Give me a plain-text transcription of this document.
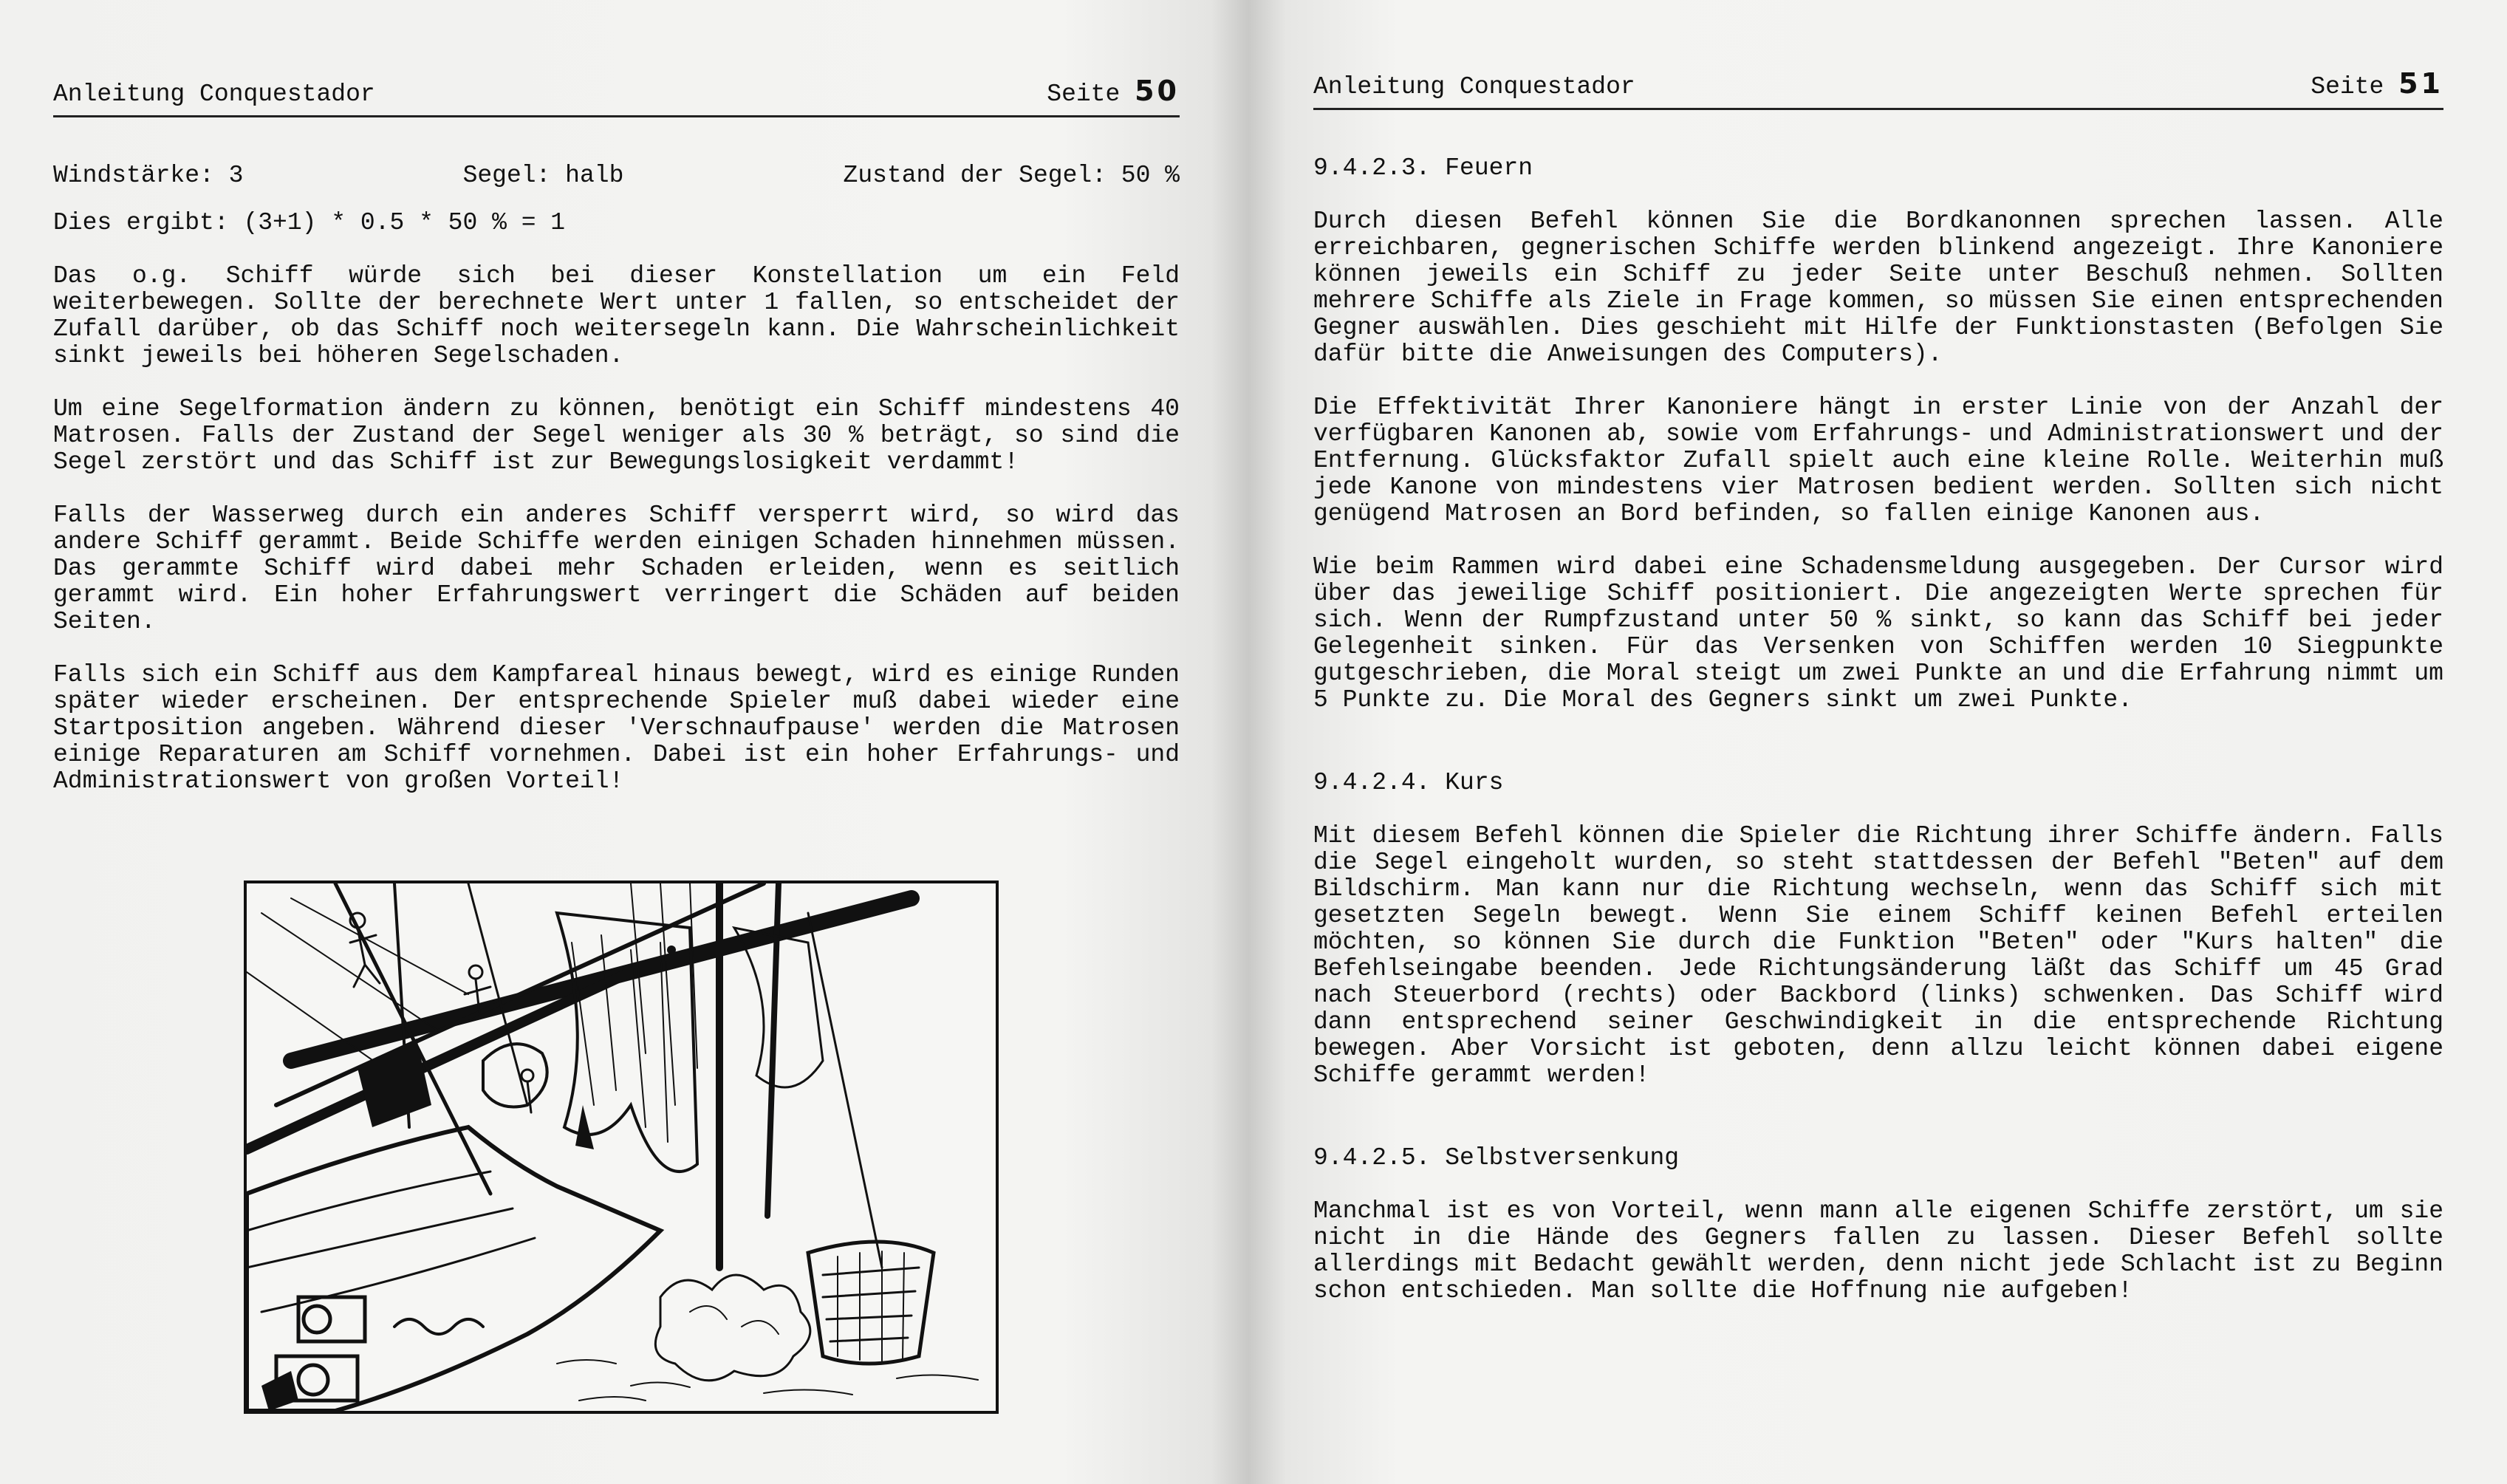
Anleitung Conquestador	Seite 50
Windstärke: 3	Segel: halb	Zustand der Segel: 50 %

Dies ergibt: (3+1) * 0.5 * 50 % = 1

Das o.g. Schiff würde sich bei dieser Konstellation um ein Feld weiterbewegen. Sollte der berechnete Wert unter 1 fallen, so entscheidet der Zufall darüber, ob das Schiff noch weitersegeln kann. Die Wahrscheinlichkeit sinkt jeweils bei höheren Segelschaden.

Um eine Segelformation ändern zu können, benötigt ein Schiff mindestens 40 Matrosen. Falls der Zustand der Segel weniger als 30 % beträgt, so sind die Segel zerstört und das Schiff ist zur Bewegungslosigkeit verdammt!

Falls der Wasserweg durch ein anderes Schiff versperrt wird, so wird das andere Schiff gerammt. Beide Schiffe werden einigen Schaden hinnehmen müssen. Das gerammte Schiff wird dabei mehr Schaden erleiden, wenn es seitlich gerammt wird. Ein hoher Erfahrungswert verringert die Schäden auf beiden Seiten.

Falls sich ein Schiff aus dem Kampfareal hinaus bewegt, wird es einige Runden später wieder erscheinen. Der entsprechende Spieler muß dabei wieder eine Startposition angeben. Während dieser 'Verschnaufpause' werden die Matrosen einige Reparaturen am Schiff vornehmen. Dabei ist ein hoher Erfahrungs- und Administrationswert von großen Vorteil!

Anleitung Conquestador	Seite 51

9.4.2.3. Feuern

Durch diesen Befehl können Sie die Bordkanonnen sprechen lassen. Alle erreichbaren, gegnerischen Schiffe werden blinkend angezeigt. Ihre Kanoniere können jeweils ein Schiff zu jeder Seite unter Beschuß nehmen. Sollten mehrere Schiffe als Ziele in Frage kommen, so müssen Sie einen entsprechenden Gegner auswählen. Dies geschieht mit Hilfe der Funktionstasten (Befolgen Sie dafür bitte die Anweisungen des Computers).

Die Effektivität Ihrer Kanoniere hängt in erster Linie von der Anzahl der verfügbaren Kanonen ab, sowie vom Erfahrungs- und Administrationswert und der Entfernung. Glücksfaktor Zufall spielt auch eine kleine Rolle. Weiterhin muß jede Kanone von mindestens vier Matrosen bedient werden. Sollten sich nicht genügend Matrosen an Bord befinden, so fallen einige Kanonen aus.

Wie beim Rammen wird dabei eine Schadensmeldung ausgegeben. Der Cursor wird über das jeweilige Schiff positioniert. Die angezeigten Werte sprechen für sich. Wenn der Rumpfzustand unter 50 % sinkt, so kann das Schiff bei jeder Gelegenheit sinken. Für das Versenken von Schiffen werden 10 Siegpunkte gutgeschrieben, die Moral steigt um zwei Punkte an und die Erfahrung nimmt um 5 Punkte zu. Die Moral des Gegners sinkt um zwei Punkte.

9.4.2.4. Kurs

Mit diesem Befehl können die Spieler die Richtung ihrer Schiffe ändern. Falls die Segel eingeholt wurden, so steht stattdessen der Befehl "Beten" auf dem Bildschirm. Man kann nur die Richtung wechseln, wenn das Schiff sich mit gesetzten Segeln bewegt. Wenn Sie einem Schiff keinen Befehl erteilen möchten, so können Sie durch die Funktion "Beten" oder "Kurs halten" die Befehlseingabe beenden. Jede Richtungsänderung läßt das Schiff um 45 Grad nach Steuerbord (rechts) oder Backbord (links) schwenken. Das Schiff wird dann entsprechend seiner Geschwindigkeit in die entsprechende Richtung bewegen. Aber Vorsicht ist geboten, denn allzu leicht können dabei eigene Schiffe gerammt werden!

9.4.2.5. Selbstversenkung

Manchmal ist es von Vorteil, wenn mann alle eigenen Schiffe zerstört, um sie nicht in die Hände des Gegners fallen zu lassen. Dieser Befehl sollte allerdings mit Bedacht gewählt werden, denn nicht jede Schlacht ist zu Beginn schon entschieden. Man sollte die Hoffnung nie aufgeben!
